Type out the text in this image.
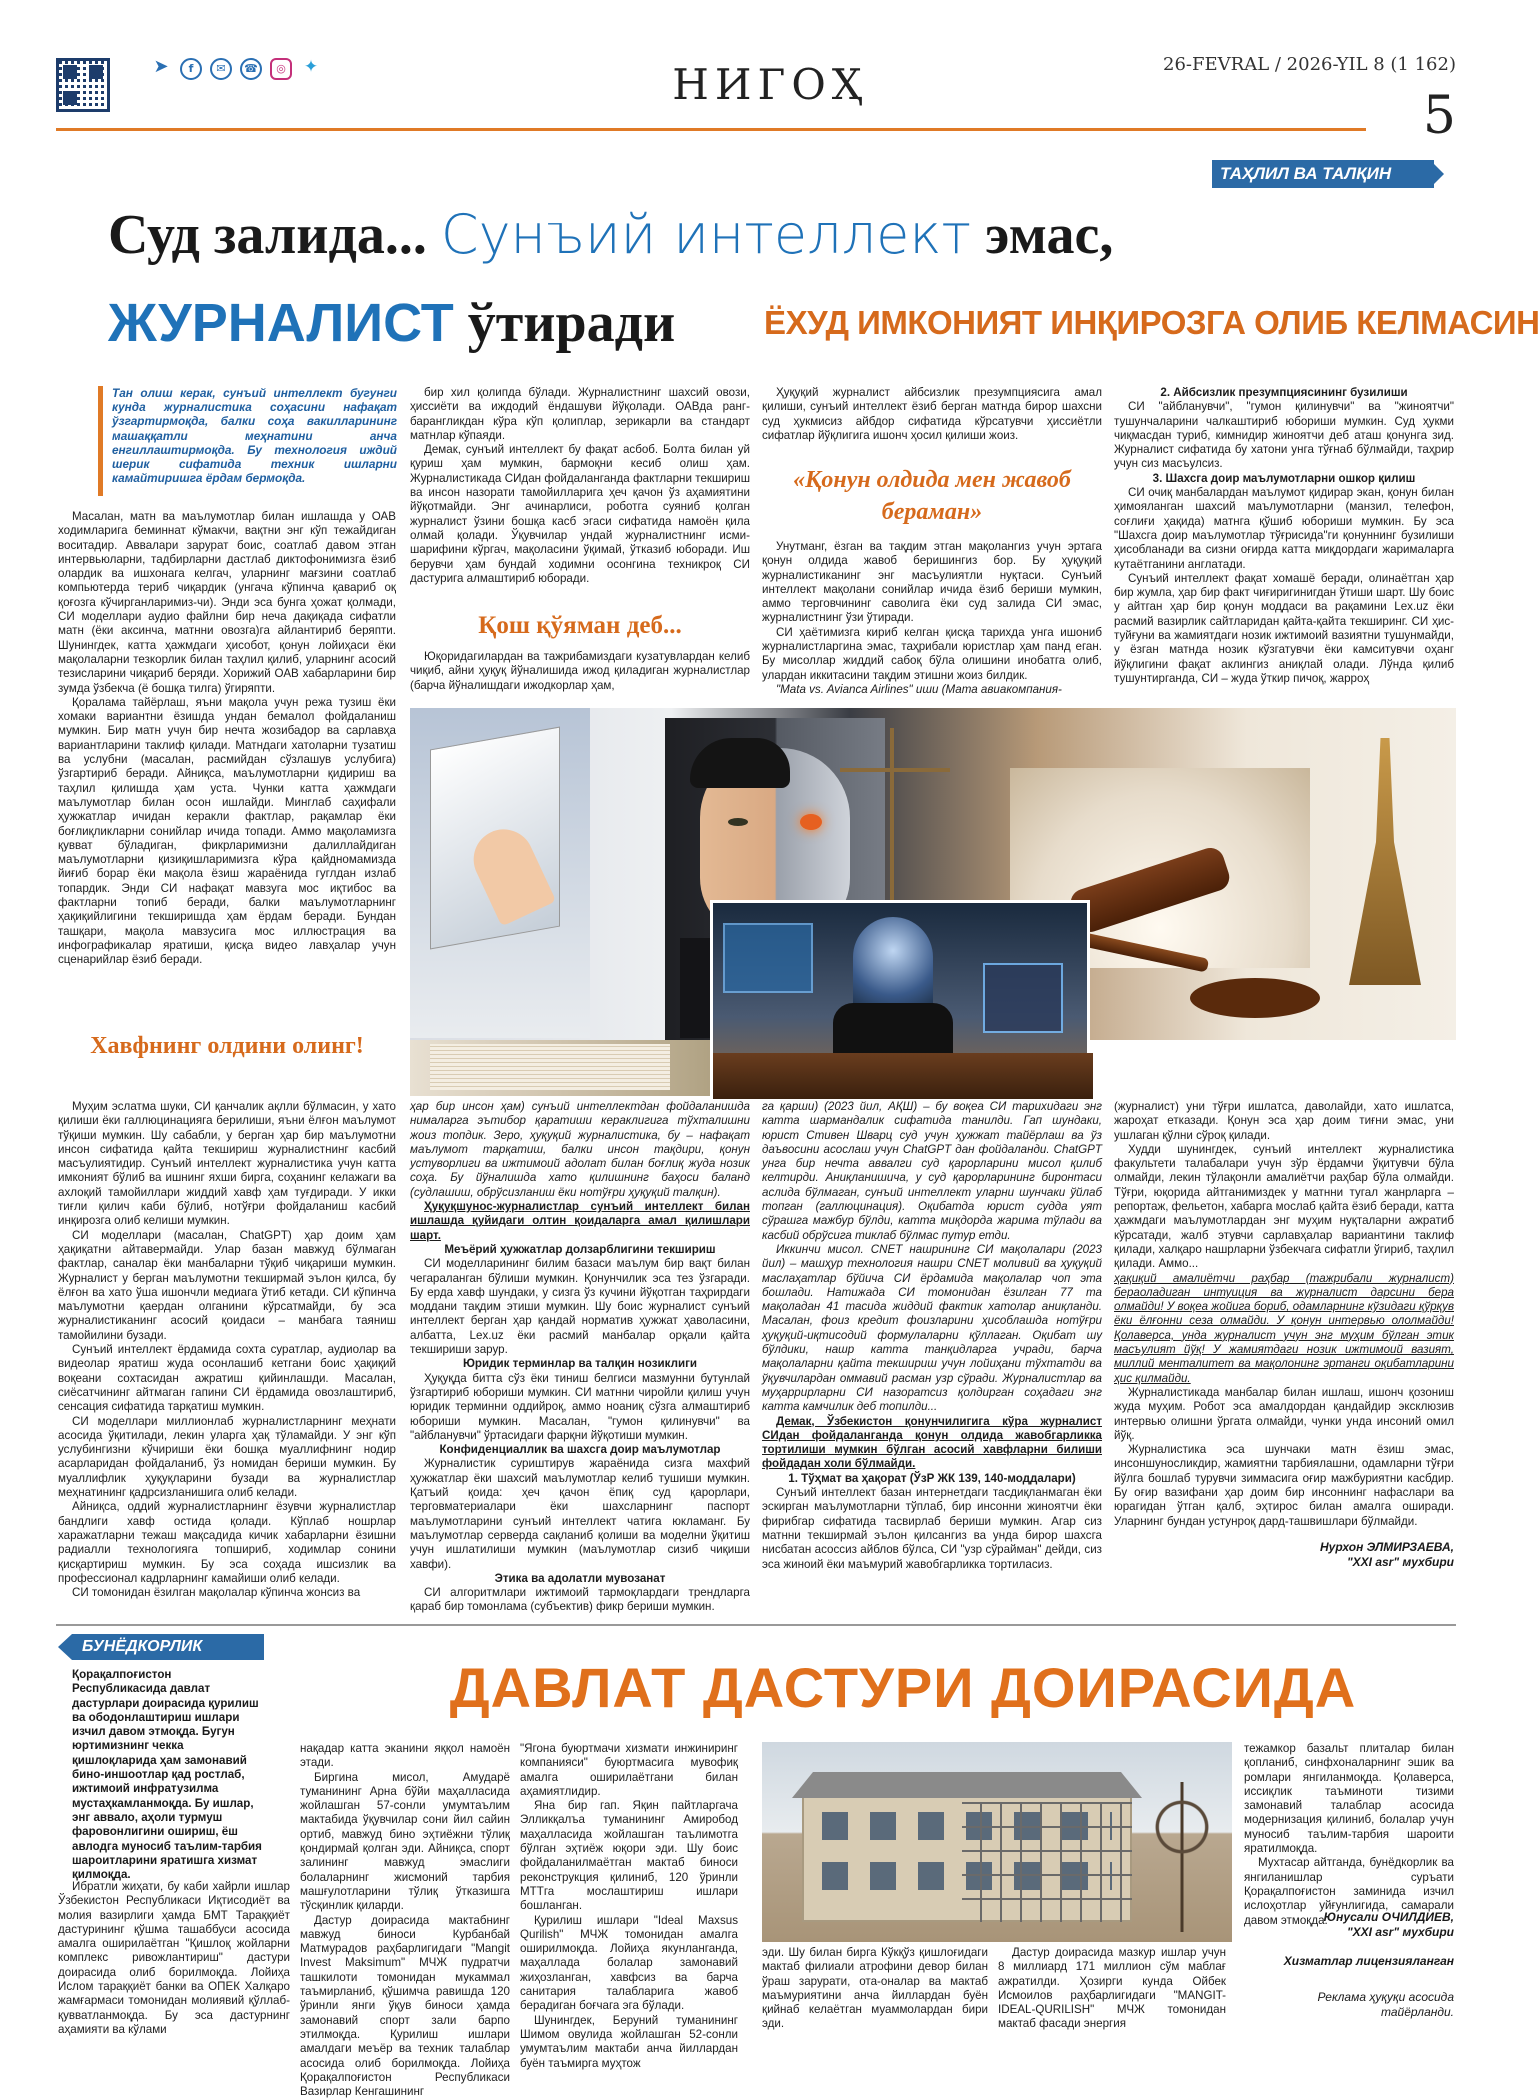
➤	f	✉	☎	◎	✦	НИГОҲ	26-FEVRAL / 2026-YIL 8 (1 162)
5
ТАҲЛИЛ ВА ТАЛҚИН
Суд залида... Сунъий интеллект эмас,
ЖУРНАЛИСТ ўтиради	ЁХУД ИМКОНИЯТ ИНҚИРОЗГА ОЛИБ КЕЛМАСИН
Тан олиш керак, сунъий интеллект бугунги кунда журналистика соҳасини нафақат ўзгартирмоқда, балки соҳа вакилларининг машаққатли меҳнатини анча енгиллаштирмоқда. Бу технология иждий шерик сифатида техник ишларни камайтиришга ёрдам бермоқда.

Масалан, матн ва маълумотлар билан ишлашда у ОАВ ходимларига беминнат кўмакчи, вақтни энг кўп тежайдиган воситадир. Аввалари зарурат боис, соатлаб давом этган интервьюларни, тадбирларни дастлаб диктофонимизга ёзиб олардик ва ишхонага келгач, уларнинг мағзини соатлаб компьютерда териб чиқардик (унгача кўпинча қавариб оқ қоғозга кўчирганларимиз-чи). Энди эса бунга ҳожат қолмади, СИ моделлари аудио файлни бир неча дақиқада сифатли матн (ёки аксинча, матнни овозга)га айлантириб беряпти. Шунингдек, катта ҳажмдаги ҳисобот, қонун лойиҳаси ёки мақолаларни тезкорлик билан таҳлил қилиб, уларнинг асосий тезисларини чиқариб беряди. Хорижий ОАВ хабарларини бир зумда ўзбекча (ё бошқа тилга) ўгиряпти.

Қоралама тайёрлаш, яъни мақола учун режа тузиш ёки хомаки вариантни ёзишда ундан бемалол фойдаланиш мумкин. Бир матн учун бир нечта жозибадор ва сарлавҳа вариантларини таклиф қилади. Матндаги хатоларни тузатиш ва услубни (масалан, расмийдан сўзлашув услубига) ўзгартириб беради. Айниқса, маълумотларни қидириш ва таҳлил қилишда ҳам уста. Чунки катта ҳажмдаги маълумотлар билан осон ишлайди. Минглаб саҳифали ҳужжатлар ичидан керакли фактлар, рақамлар ёки боғлиқликларни сонийлар ичида топади. Аммо мақоламизга қувват бўладиган, фикрларимизни далиллайдиган маълумотларни қизиқишларимизга кўра қайдномамизда йиғиб борар ёки мақола ёзиш жараёнида гуглдан излаб топардик. Энди СИ нафақат мавзуга мос иқтибос ва фактларни топиб беради, балки маълумотларнинг ҳақиқийлигини текширишда ҳам ёрдам беради. Бундан ташқари, мақола мавзусига мос иллюстрация ва инфографикалар яратиши, қисқа видео лавҳалар учун сценарийлар ёзиб беради.

бир хил қолипда бўлади. Журналистнинг шахсий овози, ҳиссиёти ва иждодий ёндашуви йўқолади. ОАВда ранг-барангликдан кўра кўп қолиплар, зерикарли ва стандарт матнлар кўпаяди.

Демак, сунъий интеллект бу фақат асбоб. Болта билан уй қуриш ҳам мумкин, бармоқни кесиб олиш ҳам. Журналистикада СИдан фойдаланганда фактларни текшириш ва инсон назорати тамойилларига ҳеч қачон ўз аҳамиятини йўқотмайди. Энг ачинарлиси, роботга суяниб қолган журналист ўзини бошқа касб эгаси сифатида намоён қила олмай қолади. Ўқувчилар ундай журналистнинг исми-шарифини кўргач, мақоласини ўқимай, ўтказиб юборади. Иш берувчи ҳам бундай ходимни осонгина техникроқ СИ дастурига алмаштириб юборади.

Қош қўяман деб...

Юқоридагилардан ва тажрибамиздаги кузатувлардан келиб чиқиб, айни ҳуқуқ йўналишида ижод қиладиган журналистлар (барча йўналишдаги ижодкорлар ҳам,

Ҳуқуқий журналист айбсизлик презумпциясига амал қилиши, сунъий интеллект ёзиб берган матнда бирор шахсни суд ҳукмисиз айбдор сифатида кўрсатувчи ҳиссиётли сифатлар йўқлигига ишонч ҳосил қилиши жоиз.

«Қонун олдида мен жавоб бераман»

Унутманг, ёзган ва тақдим этган мақолангиз учун эртага қонун олдида жавоб беришингиз бор. Бу ҳуқуқий журналистиканинг энг масъулиятли нуқтаси. Сунъий интеллект мақолани сонийлар ичида ёзиб бериши мумкин, аммо терговчининг саволига ёки суд залида СИ эмас, журналистнинг ўзи ўтиради.

СИ ҳаётимизга кириб келган қисқа тарихда унга ишониб журналистларгина эмас, таҳрибали юристлар ҳам панд еган. Бу мисоллар жиддий сабоқ бўла олишини инобатга олиб, улардан иккитасини тақдим этишни жоиз билдик.

"Mata vs. Avianca Airlines" иши (Мата авиакомпания-

2. Айбсизлик презумпциясининг бузилиши

СИ "айбланувчи", "гумон қилинувчи" ва "жиноятчи" тушунчаларини чалкаштириб юбориши мумкин. Суд ҳукми чиқмасдан туриб, кимнидир жиноятчи деб аташ қонунга зид. Журналист сифатида бу хатони унга тўғнаб бўлмайди, таҳрир учун сиз масъулсиз.

3. Шахсга доир маълумотларни ошкор қилиш

СИ очиқ манбалардан маълумот қидирар экан, қонун билан ҳимояланган шахсий маълумотларни (манзил, телефон, соғлиғи ҳақида) матнга қўшиб юбориши мумкин. Бу эса "Шахсга доир маълумотлар тўғрисида"ги қонуннинг бузилиши ҳисобланади ва сизни оғирда катта миқдордаги жарималарга кутаётганини англатади.

Сунъий интеллект фақат хомашё беради, олинаётган ҳар бир жумла, ҳар бир факт чиғиригинигдан ўтиши шарт. Шу боис у айтган ҳар бир қонун моддаси ва рақамини Lex.uz ёки расмий вазирлик сайтларидан қайта-қайта текширинг. СИ ҳис-туйғуни ва жамиятдаги нозик ижтимоий вазиятни тушунмайди, у ёзган матнда нозик кўзгатувчи ёки камситувчи оҳанг йўқлигини фақат аклингиз аниқлай олади. Лўнда қилиб тушунтирганда, СИ – жуда ўткир пичоқ, жарроҳ

Хавфнинг олдини олинг!

Муҳим эслатма шуки, СИ қанчалик ақлли бўлмасин, у хато қилиши ёки галлюцинацияга берилиши, яъни ёлғон маълумот тўқиши мумкин. Шу сабабли, у берган ҳар бир маълумотни инсон сифатида қайта текшириш журналистнинг касбий масъулиятидир. Сунъий интеллект журналистика учун катта имконият бўлиб ва ишнинг яхши бирга, соҳанинг келажаги ва ахлоқий тамойиллари жиддий хавф ҳам туғдиради. У икки тиғли қилич каби бўлиб, нотўғри фойдаланиш касбий инқирозга олиб келиши мумкин.

СИ моделлари (масалан, ChatGPT) ҳар доим ҳам ҳақиқатни айтавермайди. Улар базан мавжуд бўлмаган фактлар, саналар ёки манбаларни тўқиб чиқариши мумкин. Журналист у берган маълумотни текширмай эълон қилса, бу ёлғон ва хато ўша ишончли медиага ўтиб кетади. СИ кўпинча маълумотни қаердан олганини кўрсатмайди, бу эса журналистиканинг асосий қоидаси – манбага таяниш тамойилини бузади.

Сунъий интеллект ёрдамида сохта суратлар, аудиолар ва видеолар яратиш жуда осонлашиб кетгани боис ҳақиқий воқеани сохтасидан ажратиш қийинлашди. Масалан, сиёсатчининг айтмаган гапини СИ ёрдамида овозлаштириб, сенсация сифатида тарқатиш мумкин.

СИ моделлари миллионлаб журналистларнинг меҳнати асосида ўқитилади, лекин уларга ҳақ тўламайди. У энг кўп услубингизни кўчириши ёки бошқа муаллифнинг нодир асарларидан фойдаланиб, ўз номидан бериши мумкин. Бу муаллифлик ҳуқуқларини бузади ва журналистлар меҳнатининг қадрсизланишига олиб келади.

Айниқса, оддий журналистларнинг ёзувчи журналистлар бандлиги хавф остида қолади. Кўплаб ношрлар харажатларни тежаш мақсадида кичик хабарларни ёзишни радиалли технологияга топшириб, ходимлар сонини қисқартириш мумкин. Бу эса соҳада ишсизлик ва профессионал кадрларнинг камайиши олиб келади.

СИ томонидан ёзилган мақолалар кўпинча жонсиз ва

ҳар бир инсон ҳам) сунъий интеллектдан фойдаланишда нималарга эътибор қаратиши кераклигига тўхталишни жоиз топдик. Зеро, ҳуқуқий журналистика, бу – нафақат маълумот тарқатиш, балки инсон тақдири, қонун устуворлиги ва ижтимоий адолат билан боғлиқ жуда нозик соҳа. Бу йўналишда хато қилишнинг баҳоси баланд (судлашиш, обрўсизланиш ёки нотўғри ҳуқуқий талқин).

Ҳуқуқшунос-журналистлар сунъий интеллект билан ишлашда қуйидаги олтин қоидаларга амал қилишлари шарт.

Меъёрий ҳужжатлар долзарблигини текшириш

СИ моделларининг билим базаси маълум бир вақт билан чегараланган бўлиши мумкин. Қонунчилик эса тез ўзгаради. Бу ерда хавф шундаки, у сизга ўз кучини йўқотган таҳрирдаги моддани тақдим этиши мумкин. Шу боис журналист сунъий интеллект берган ҳар қандай норматив ҳужжат ҳаволасини, албатта, Lex.uz ёки расмий манбалар орқали қайта текшириши зарур.

Юридик терминлар ва талқин нозиклиги

Ҳуқуқда битта сўз ёки тиниш белгиси мазмунни бутунлай ўзгартириб юбориши мумкин. СИ матнни чиройли қилиш учун юридик терминни оддийроқ, аммо ноаниқ сўзга алмаштириб юбориши мумкин. Масалан, "гумон қилинувчи" ва "айбланувчи" ўртасидаги фарқни йўқотиши мумкин.

Конфиденциаллик ва шахсга доир маълумотлар

Журналистик суриштирув жараёнида сизга махфий ҳужжатлар ёки шахсий маълумотлар келиб тушиши мумкин. Қатъий қоида: ҳеч қачон ёпиқ суд қарорлари, терговматериалари ёки шахсларнинг паспорт маълумотларини сунъий интеллект чатига юкламанг. Бу маълумотлар серверда сақланиб қолиши ва моделни ўқитиш учун ишлатилиши мумкин (маълумотлар сизиб чиқиши хавфи).

Этика ва адолатли мувозанат

СИ алгоритмлари ижтимоий тармоқлардаги трендларга қараб бир томонлама (субъектив) фикр бериши мумкин.

га қарши) (2023 йил, АҚШ) – бу воқеа СИ тарихидаги энг катта шармандалик сифатида танилди. Гап шундаки, юрист Стивен Шварц суд учун ҳужжат тайёрлаш ва ўз даъвосини асослаш учун ChatGPT дан фойдаланди. ChatGPT унга бир нечта аввалги суд қарорларини мисол қилиб келтирди. Аниқланишича, у суд қарорларининг биронтаси аслида бўлмаган, сунъий интеллект уларни шунчаки ўйлаб топган (галлюцинация). Оқибатда юрист судда уят сўрашга мажбур бўлди, катта миқдорда жарима тўлади ва касбий обрўсига тиклаб бўлмас путур етди.

Иккинчи мисол. CNET нашрининг СИ мақолалари (2023 йил) – машҳур технология нашри CNET моливий ва ҳуқуқий маслаҳатлар бўйича СИ ёрдамида мақолалар чоп эта бошлади. Натижада СИ томонидан ёзилган 77 та мақоладан 41 тасида жиддий фактик хатолар аниқланди. Масалан, фоиз кредит фоизларини ҳисоблашда нотўғри ҳуқуқий-иқтисодий формулаларни қўллаган. Оқибат шу бўлдики, нашр катта танқидларга учради, барча мақолаларни қайта текшириш учун лойиҳани тўхтатди ва ўқувчилардан оммавий расман узр сўради. Журналистлар ва муҳаррирларни СИ назоратсиз қолдирган соҳадаги энг катта камчилик деб топилди...

Демак, Ўзбекистон қонунчилигига кўра журналист СИдан фойдаланганда қонун олдида жавобгарликка тортилиши мумкин бўлган асосий хавфларни билиши фойдадан холи бўлмайди.

1. Тўҳмат ва ҳақорат (ЎзР ЖК 139, 140-моддалари)

Сунъий интеллект базан интернетдаги тасдиқланмаган ёки эскирган маълумотларни тўплаб, бир инсонни жиноятчи ёки фирибгар сифатида тасвирлаб бериши мумкин. Агар сиз матнни текширмай эълон қилсангиз ва унда бирор шахсга нисбатан асоссиз айблов бўлса, СИ "узр сўрайман" дейди, сиз эса жиноий ёки маъмурий жавобгарликка тортиласиз.

(журналист) уни тўғри ишлатса, даволайди, хато ишлатса, жароҳат етказади. Қонун эса ҳар доим тиғни эмас, уни ушлаган қўлни сўроқ қилади.

Худди шунингдек, сунъий интеллект журналистика факультети талабалари учун зўр ёрдамчи ўқитувчи бўла олмайди, лекин тўлақонли амалиётчи раҳбар бўла олмайди. Тўғри, юқорида айтганимиздек у матнни тугал жанрларга – репортаж, фельетон, хабарга мослаб қайта ёзиб беради, катта ҳажмдаги маълумотлардан энг муҳим нуқталарни ажратиб кўрсатади, жалб этувчи сарлавҳалар вариантини таклиф қилади, халқаро нашрларни ўзбекчага сифатли ўгириб, таҳлил қилади. Аммо...

ҳақиқий амалиётчи раҳбар (тажрибали журналист) бераоладиган интуиция ва журналист дарсини бера олмайди! У воқеа жойига бориб, одамларнинг кўзидаги қўрқув ёки ёлғонни сеза олмайди. У қонун интервью ололмайди! Қолаверса, унда журналист учун энг муҳим бўлган этик масъулият йўқ! У жамиятдаги нозик ижтимоий вазият, миллий менталитет ва мақолонинг эртанги оқибатларини ҳис қилмайди.

Журналистикада манбалар билан ишлаш, ишонч қозониш жуда муҳим. Робот эса амалдордан қандайдир эксклюзив интервью олишни ўргата олмайди, чунки унда инсоний омил йўқ.

Журналистика эса шунчаки матн ёзиш эмас, инсоншуносликдир, жамиятни тарбиялашни, одамларни тўғри йўлга бошлаб турувчи зиммасига оғир мажбуриятни касбдир. Бу оғир вазифани ҳар доим бир инсоннинг нафаслари ва юрагидан ўтган қалб, эҳтирос билан амалга оширади. Уларнинг бундан устунроқ дард-ташвишлари бўлмайди.

Нурхон ЭЛМИРЗАЕВА,
"XXI asr" мухбири
БУНЁДКОРЛИК
ДАВЛАТ ДАСТУРИ ДОИРАСИДА
Қорақалпоғистон Республикасида давлат дастурлари доирасида қурилиш ва ободонлаштириш ишлари изчил давом этмоқда. Бугун юртимизнинг чекка қишлоқларида ҳам замонавий бино-иншоотлар қад ростлаб, ижтимоий инфратузилма мустаҳкамланмоқда. Бу ишлар, энг аввало, аҳоли турмуш фаровонлигини ошириш, ёш авлодга муносиб таълим-тарбия шароитларини яратишга хизмат қилмоқда.

Ибратли жиҳати, бу каби хайрли ишлар Ўзбекистон Республикаси Иқтисодиёт ва молия вазирлиги ҳамда БМТ Тараққиёт дастурининг қўшма ташаббуси асосида амалга оширилаётган "Қишлоқ жойларни комплекс ривожлантириш" дастури доирасида олиб борилмоқда. Лойиҳа Ислом тараққиёт банки ва ОПЕК Халқаро жамғармаси томонидан молиявий қўллаб-қувватланмоқда. Бу эса дастурнинг аҳамияти ва кўлами

нақадар катта эканини яққол намоён этади.

Биргина мисол, Амударё туманининг Арна бўйи маҳалласида жойлашган 57-сонли умумтаълим мактабида ўқувчилар сони йил сайин ортиб, мавжуд бино эҳтиёжни тўлиқ қондирмай қолган эди. Айниқса, спорт залининг мавжуд эмаслиги болаларнинг жисмоний тарбия машғулотларини тўлиқ ўтказишга тўсқинлик қиларди.

Дастур доирасида мактабнинг мавжуд биноси Курбанбай Матмурадов раҳбарлигидаги "Mangit Invest Maksimum" МЧЖ пудратчи ташкилоти томонидан мукаммал таъмирланиб, қўшимча равишда 120 ўринли янги ўқув биноси ҳамда замонавий спорт зали барпо этилмоқда. Қурилиш ишлари амалдаги меъёр ва техник талаблар асосида олиб борилмоқда. Лойиҳа Қорақалпоғистон Республикаси Вазирлар Кенгашининг

"Ягона буюртмачи хизмати инжиниринг компанияси" буюртмасига мувофиқ амалга оширилаётгани билан аҳамиятлидир.

Яна бир гап. Яқин пайтларгача Элликқалъа туманининг Амиробод маҳалласида жойлашган таълимотга бўлган эҳтиёж юқори эди. Шу боис фойдаланилмаётган мактаб биноси реконструкция қилиниб, 120 ўринли МТТга мослаштириш ишлари бошланган.

Қурилиш ишлари "Ideal Maxsus Qurilish" МЧЖ томонидан амалга оширилмоқда. Лойиҳа якунланганда, маҳаллада болалар замонавий жиҳозланган, хавфсиз ва барча санитария талабларига жавоб берадиган боғчага эга бўлади.

Шунингдек, Беруний туманининг Шимом овулида жойлашган 52-сонли умумтаълим мактаби анча йиллардан буён таъмирга муҳтож

эди. Шу билан бирга Кўкқўз қишлоғидаги мактаб филиали атрофини девор билан ўраш зарурати, ота-оналар ва мактаб маъмуриятини анча йиллардан буён қийнаб келаётган муаммолардан бири эди.

Дастур доирасида мазкур ишлар учун 8 миллиард 171 миллион сўм маблағ ажратилди. Ҳозирги кунда Ойбек Исмоилов раҳбарлигидаги "MANGIT-IDEAL-QURILISH" МЧЖ томонидан мактаб фасади энергия

тежамкор базальт плиталар билан қопланиб, синфхоналарнинг эшик ва ромлари янгиланмоқда. Қолаверса, иссиқлик таъминоти тизими замонавий талаблар асосида модернизация қилиниб, болалар учун муносиб таълим-тарбия шароити яратилмоқда.

Мухтасар айтганда, бунёдкорлик ва янгиланишлар суръати Қорақалпоғистон заминида изчил ислоҳотлар уйғунлигида, самарали давом этмоқда.

Юнусали ОЧИЛДИЕВ,
"XXI asr" мухбири
Хизматлар лицензияланган
Реклама ҳуқуқи асосида тайёрланди.
